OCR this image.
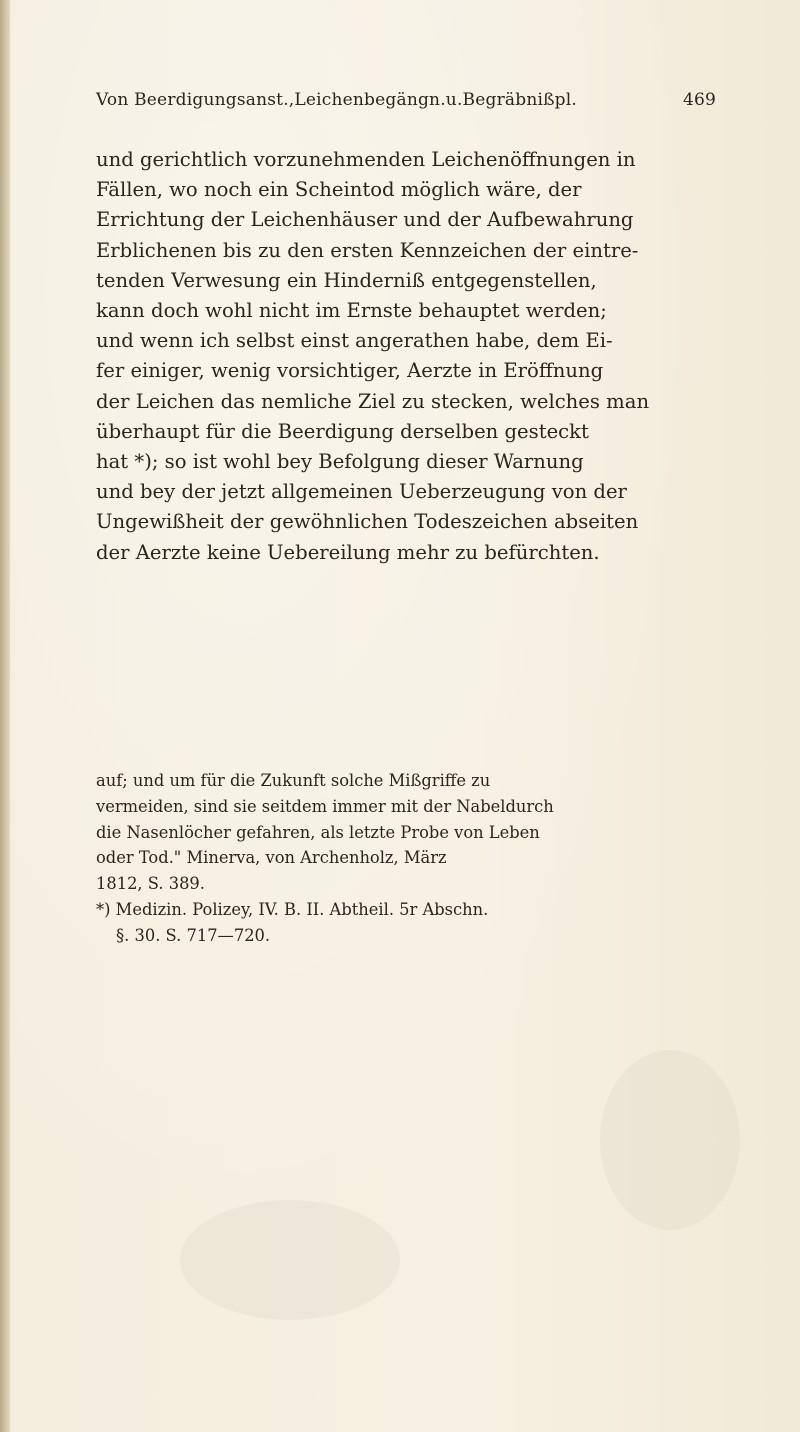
Von Beerdigungsanst.,Leichenbegängn.u.Begräbnißpl.	469
und gerichtlich vorzunehmenden Leichenöffnungen in
Fällen, wo noch ein Scheintod möglich wäre, der
Errichtung der Leichenhäuser und der Aufbewahrung
Erblichenen bis zu den ersten Kennzeichen der eintre-
tenden Verwesung ein Hinderniß entgegenstellen,
kann doch wohl nicht im Ernste behauptet werden;
und wenn ich selbst einst angerathen habe, dem Ei-
fer einiger, wenig vorsichtiger, Aerzte in Eröffnung
der Leichen das nemliche Ziel zu stecken, welches man
überhaupt für die Beerdigung derselben gesteckt
hat *); so ist wohl bey Befolgung dieser Warnung
und bey der jetzt allgemeinen Ueberzeugung von der
Ungewißheit der gewöhnlichen Todeszeichen abseiten
der Aerzte keine Uebereilung mehr zu befürchten.
auf; und um für die Zukunft solche Mißgriffe zu
vermeiden, sind sie seitdem immer mit der Nabeldurch
die Nasenlöcher gefahren, als letzte Probe von Leben
oder Tod." Minerva, von Archenholz, März
1812, S. 389.
*) Medizin. Polizey, IV. B. II. Abtheil. 5r Abschn.
§. 30. S. 717—720.
